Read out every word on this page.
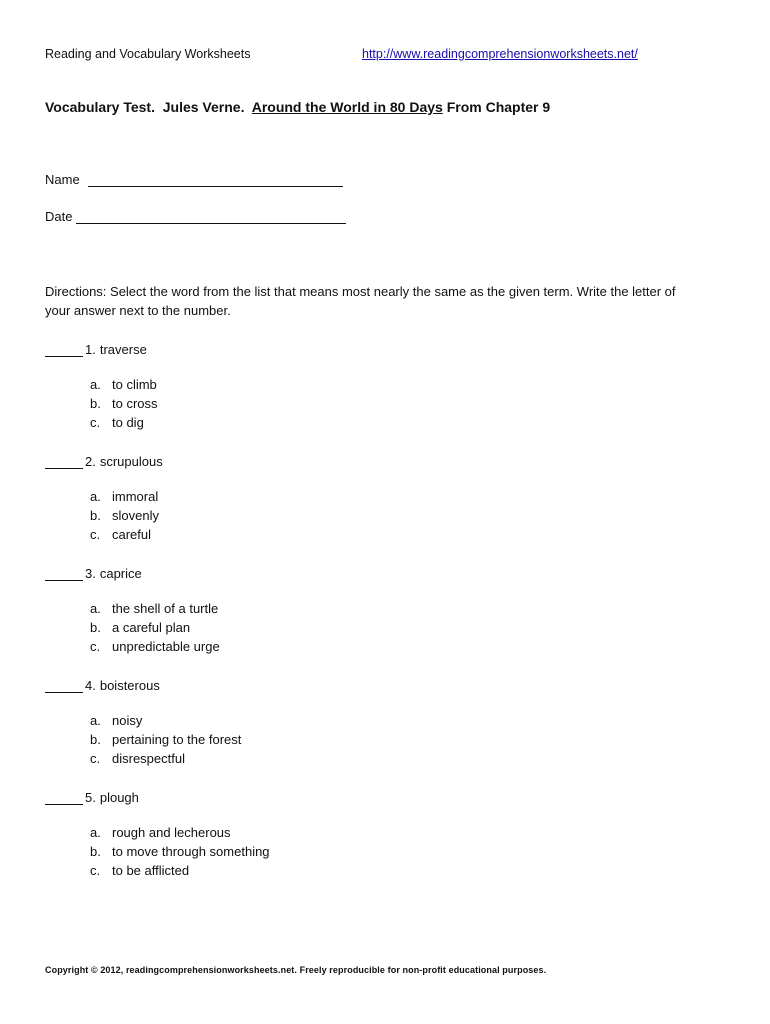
Reading and Vocabulary Worksheets	http://www.readingcomprehensionworksheets.net/
Vocabulary Test.  Jules Verne.  Around the World in 80 Days From Chapter 9
Name
Date
Directions: Select the word from the list that means most nearly the same as the given term. Write the letter of your answer next to the number.
1. traverse
a. to climb
b. to cross
c. to dig
2. scrupulous
a. immoral
b. slovenly
c. careful
3. caprice
a. the shell of a turtle
b. a careful plan
c. unpredictable urge
4. boisterous
a. noisy
b. pertaining to the forest
c. disrespectful
5. plough
a. rough and lecherous
b. to move through something
c. to be afflicted
Copyright © 2012, readingcomprehensionworksheets.net. Freely reproducible for non-profit educational purposes.
